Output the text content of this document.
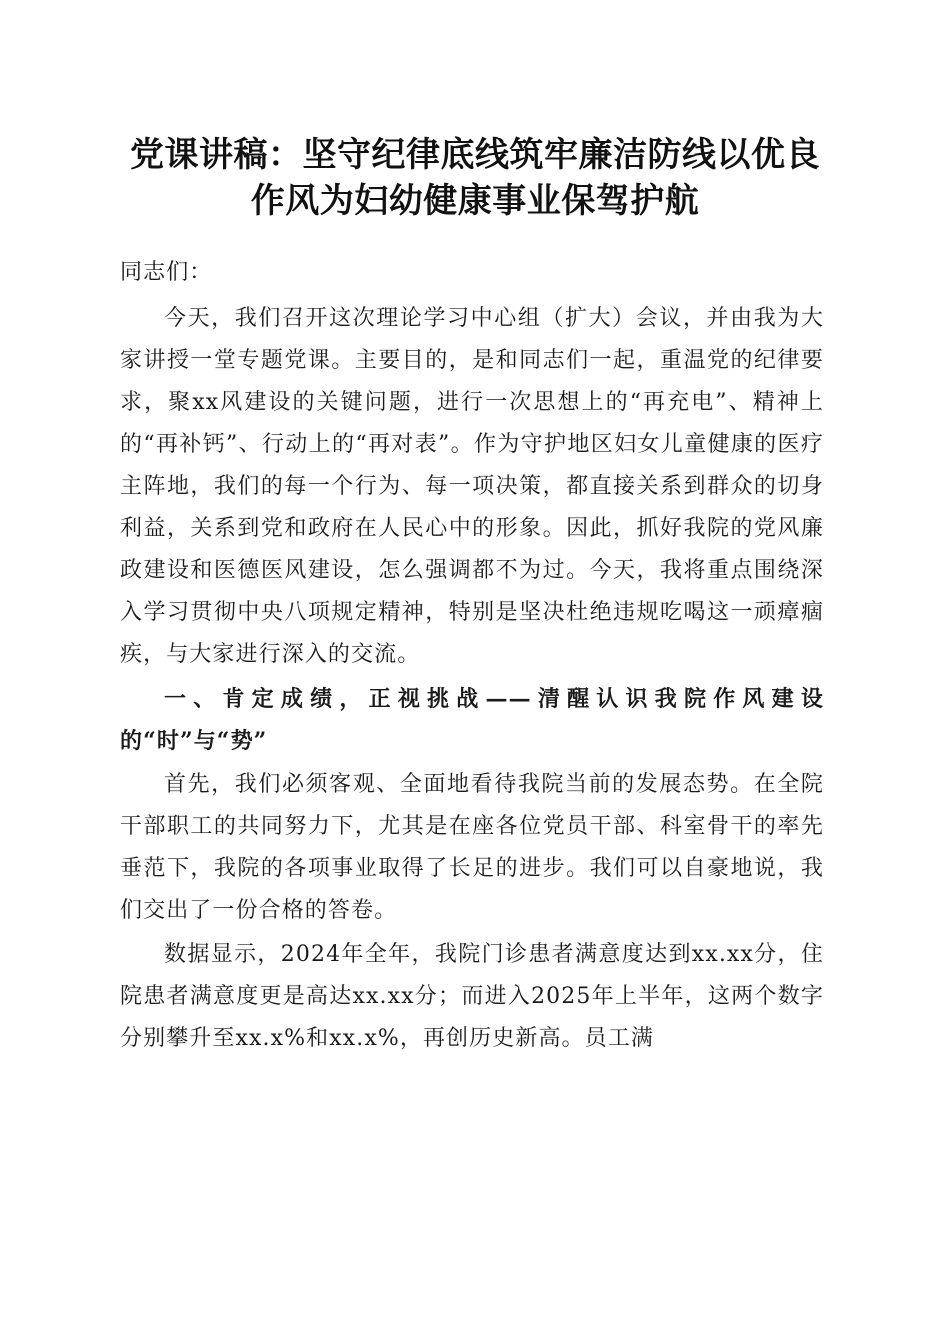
党课讲稿：坚守纪律底线筑牢廉洁防线以优良
作风为妇幼健康事业保驾护航

同志们：

今天，我们召开这次理论学习中心组（扩大）会议，并由我为大家讲授一堂专题党课。主要目的，是和同志们一起，重温党的纪律要求，聚xx风建设的关键问题，进行一次思想上的“再充电”、精神上的“再补钙”、行动上的“再对表”。作为守护地区妇女儿童健康的医疗主阵地，我们的每一个行为、每一项决策，都直接关系到群众的切身利益，关系到党和政府在人民心中的形象。因此，抓好我院的党风廉政建设和医德医风建设，怎么强调都不为过。今天，我将重点围绕深入学习贯彻中央八项规定精神，特别是坚决杜绝违规吃喝这一顽瘴痼疾，与大家进行深入的交流。

一、肯定成绩，正视挑战——清醒认识我院作风建设的“时”与“势”

首先，我们必须客观、全面地看待我院当前的发展态势。在全院干部职工的共同努力下，尤其是在座各位党员干部、科室骨干的率先垂范下，我院的各项事业取得了长足的进步。我们可以自豪地说，我们交出了一份合格的答卷。

数据显示，2024年全年，我院门诊患者满意度达到xx.xx分，住院患者满意度更是高达xx.xx分；而进入2025年上半年，这两个数字分别攀升至xx.x%和xx.x%，再创历史新高。员工满
